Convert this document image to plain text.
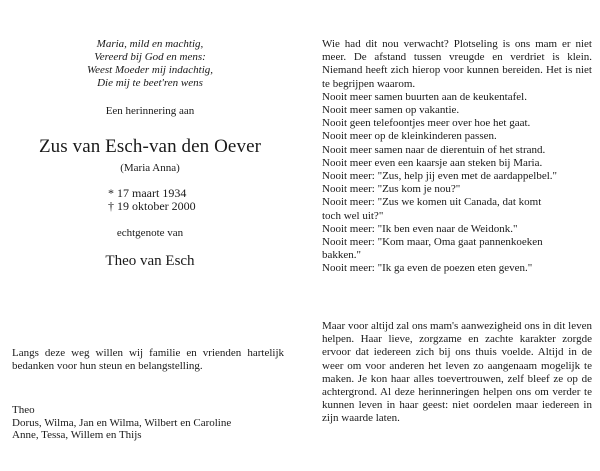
Maria, mild en machtig,
Vereerd bij God en mens:
Weest Moeder mij indachtig,
Die mij te beet'ren wens
Een herinnering aan
Zus van Esch-van den Oever
(Maria Anna)
* 17 maart 1934
† 19 oktober 2000
echtgenote van
Theo van Esch
Langs deze weg willen wij familie en vrienden hartelijk bedanken voor hun steun en belangstelling.
Theo
Dorus, Wilma, Jan en Wilma, Wilbert en Caroline
Anne, Tessa, Willem en Thijs
Wie had dit nou verwacht? Plotseling is ons mam er niet meer. De afstand tussen vreugde en verdriet is klein. Niemand heeft zich hierop voor kunnen bereiden. Het is niet te begrijpen waarom.
Nooit meer samen buurten aan de keukentafel.
Nooit meer samen op vakantie.
Nooit geen telefoontjes meer over hoe het gaat.
Nooit meer op de kleinkinderen passen.
Nooit meer samen naar de dierentuin of het strand.
Nooit meer even een kaarsje aan steken bij Maria.
Nooit meer: "Zus, help jij even met de aardappelbel."
Nooit meer: "Zus kom je nou?"
Nooit meer: "Zus we komen uit Canada, dat komt
toch wel uit?"
Nooit meer: "Ik ben even naar de Weidonk."
Nooit meer: "Kom maar, Oma gaat pannenkoeken
bakken."
Nooit meer: "Ik ga even de poezen eten geven."
Maar voor altijd zal ons mam's aanwezigheid ons in dit leven helpen. Haar lieve, zorgzame en zachte karakter zorgde ervoor dat iedereen zich bij ons thuis voelde. Altijd in de weer om voor anderen het leven zo aangenaam mogelijk te maken. Je kon haar alles toevertrouwen, zelf bleef ze op de achtergrond. Al deze herinneringen helpen ons om verder te kunnen leven in haar geest: niet oordelen maar iedereen in zijn waarde laten.
